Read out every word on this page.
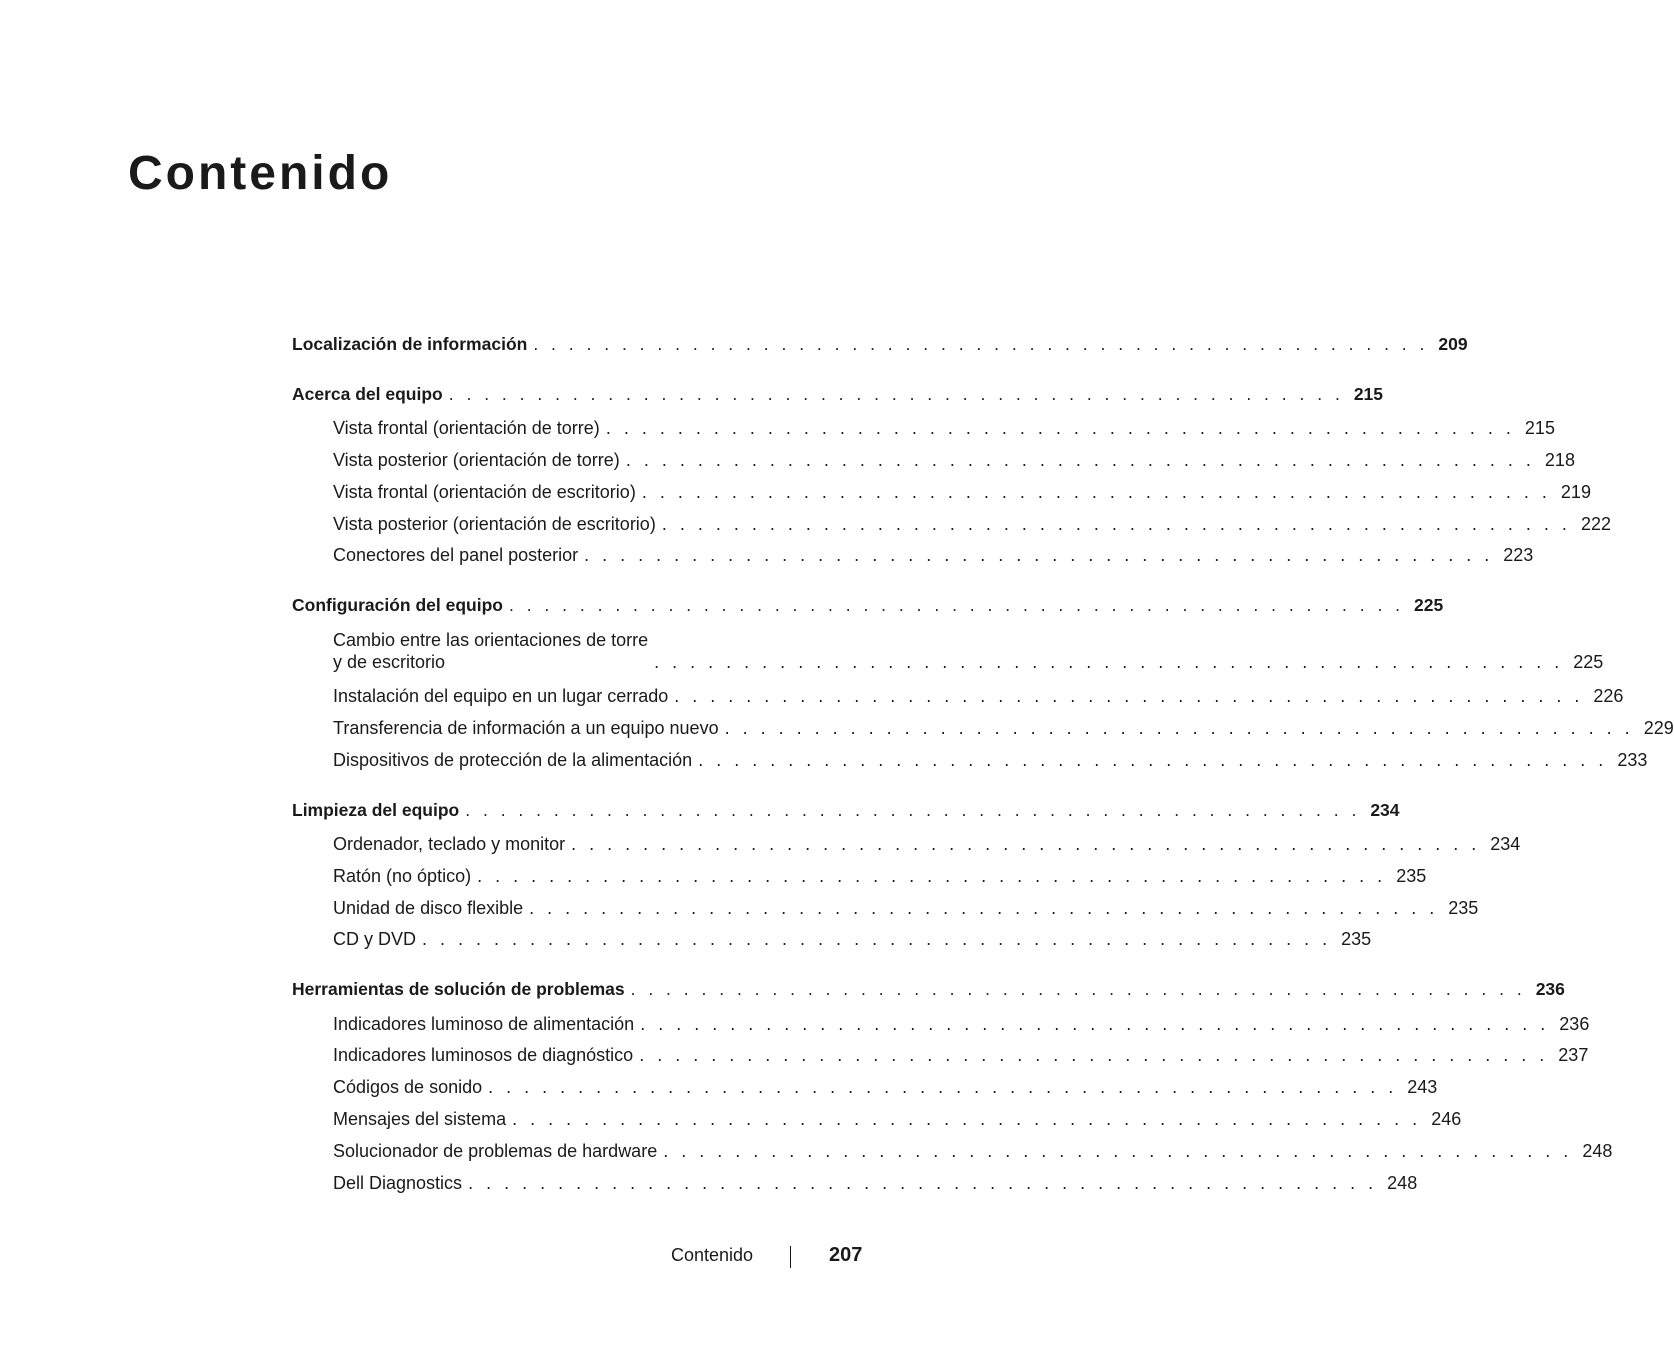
Contenido
Localización de información . . . . . . . . . . . . . . . . . . . . . . . . . . . . . . . . . . . . . . . . . . . . . . . . . . . 209
Acerca del equipo . . . . . . . . . . . . . . . . . . . . . . . . . . . . . . . . . . . . . . . . . . . . . . . . . . . 215
Vista frontal (orientación de torre) . . . . . . . . . . . . . . . . . . . . . . . . . . . . . . . . . . . . . . . . . . . . . . . . . . . 215
Vista posterior (orientación de torre) . . . . . . . . . . . . . . . . . . . . . . . . . . . . . . . . . . . . . . . . . . . . . . . . . . . 218
Vista frontal (orientación de escritorio) . . . . . . . . . . . . . . . . . . . . . . . . . . . . . . . . . . . . . . . . . . . . . . . . . . . 219
Vista posterior (orientación de escritorio) . . . . . . . . . . . . . . . . . . . . . . . . . . . . . . . . . . . . . . . . . . . . . . . . . . . 222
Conectores del panel posterior . . . . . . . . . . . . . . . . . . . . . . . . . . . . . . . . . . . . . . . . . . . . . . . . . . . 223
Configuración del equipo . . . . . . . . . . . . . . . . . . . . . . . . . . . . . . . . . . . . . . . . . . . . . . . . . . . 225
Cambio entre las orientaciones de torre
y de escritorio	. . . . . . . . . . . . . . . . . . . . . . . . . . . . . . . . . . . . . . . . . . . . . . . . . . . 225
Instalación del equipo en un lugar cerrado . . . . . . . . . . . . . . . . . . . . . . . . . . . . . . . . . . . . . . . . . . . . . . . . . . . 226
Transferencia de información a un equipo nuevo . . . . . . . . . . . . . . . . . . . . . . . . . . . . . . . . . . . . . . . . . . . . . . . . . . . 229
Dispositivos de protección de la alimentación . . . . . . . . . . . . . . . . . . . . . . . . . . . . . . . . . . . . . . . . . . . . . . . . . . . 233
Limpieza del equipo . . . . . . . . . . . . . . . . . . . . . . . . . . . . . . . . . . . . . . . . . . . . . . . . . . . 234
Ordenador, teclado y monitor . . . . . . . . . . . . . . . . . . . . . . . . . . . . . . . . . . . . . . . . . . . . . . . . . . . 234
Ratón (no óptico) . . . . . . . . . . . . . . . . . . . . . . . . . . . . . . . . . . . . . . . . . . . . . . . . . . . 235
Unidad de disco flexible . . . . . . . . . . . . . . . . . . . . . . . . . . . . . . . . . . . . . . . . . . . . . . . . . . . 235
CD y DVD . . . . . . . . . . . . . . . . . . . . . . . . . . . . . . . . . . . . . . . . . . . . . . . . . . . 235
Herramientas de solución de problemas . . . . . . . . . . . . . . . . . . . . . . . . . . . . . . . . . . . . . . . . . . . . . . . . . . . 236
Indicadores luminoso de alimentación . . . . . . . . . . . . . . . . . . . . . . . . . . . . . . . . . . . . . . . . . . . . . . . . . . . 236
Indicadores luminosos de diagnóstico . . . . . . . . . . . . . . . . . . . . . . . . . . . . . . . . . . . . . . . . . . . . . . . . . . . 237
Códigos de sonido . . . . . . . . . . . . . . . . . . . . . . . . . . . . . . . . . . . . . . . . . . . . . . . . . . . 243
Mensajes del sistema . . . . . . . . . . . . . . . . . . . . . . . . . . . . . . . . . . . . . . . . . . . . . . . . . . . 246
Solucionador de problemas de hardware . . . . . . . . . . . . . . . . . . . . . . . . . . . . . . . . . . . . . . . . . . . . . . . . . . . 248
Dell Diagnostics . . . . . . . . . . . . . . . . . . . . . . . . . . . . . . . . . . . . . . . . . . . . . . . . . . . 248
Contenido	207
